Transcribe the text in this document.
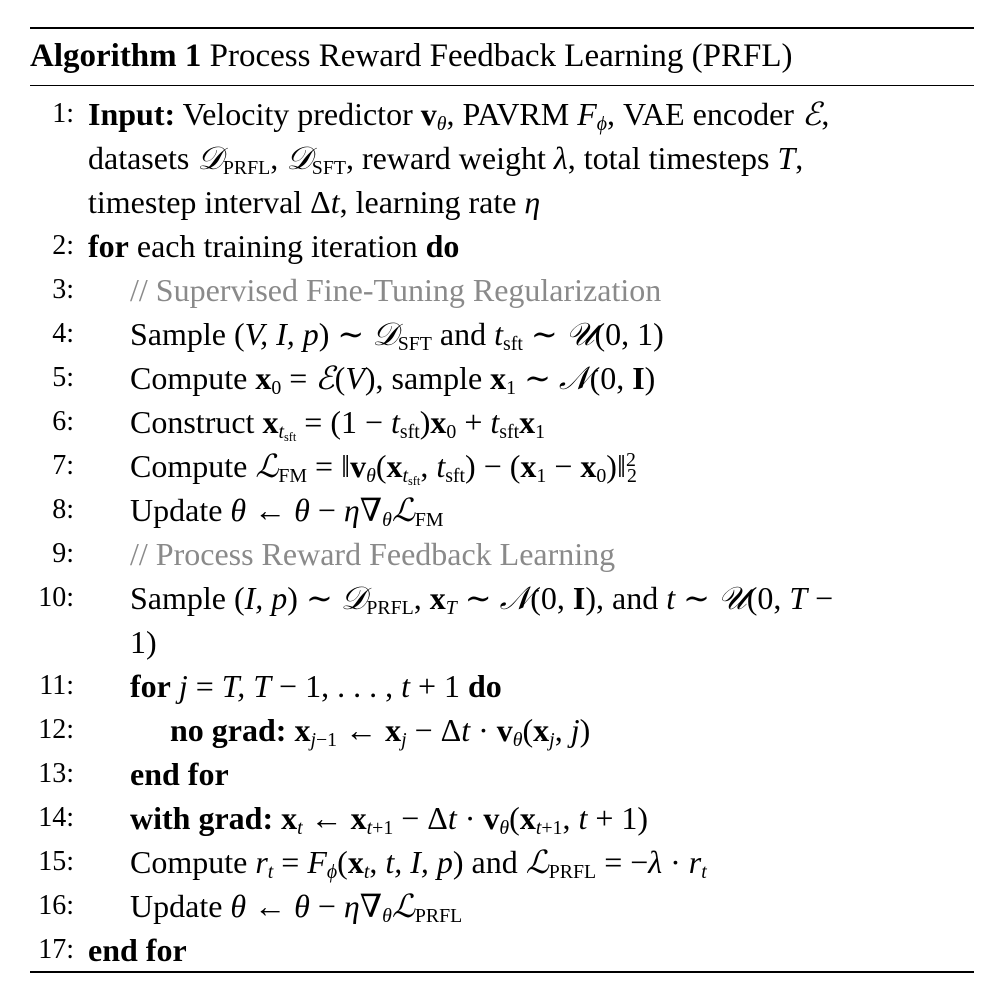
Algorithm 1 Process Reward Feedback Learning (PRFL)
1: Input: Velocity predictor $v_\theta$, PAVRM $F_\phi$, VAE encoder ℰ,
datasets 𝒟$_{PRFL}$, 𝒟$_{SFT}$, reward weight λ, total timesteps T,
timestep interval Δt, learning rate η
2: for each training iteration do
3: // Supervised Fine-Tuning Regularization
4: Sample (V, I, p) ∼ 𝒟$_{SFT}$ and $t_{sft}$ ∼ 𝒰(0, 1)
5: Compute $x_0$ = ℰ(V), sample $x_1$ ∼ 𝒩(0, I)
6: Construct $x_{t_{sft}} = (1 - t_{sft})x_0 + t_{sft}x_1$
7: Compute ℒ$_{FM}$ = $‖v_\theta(x_{t_{sft}}$, $t_{sft}) - (x_1$ − $x_0)‖^2_2$
8: Update θ ← $\theta - \eta\nabla_\theta ℒ_{FM}$
9: // Process Reward Feedback Learning
10: Sample (I, p) ∼ 𝒟$_{PRFL}$, $x_T$ ∼ 𝒩(0, I), and t ∼ 𝒰(0, T −
1)
11: for j = T, T − 1, . . . , t + 1 do
12:	no grad: $x_{j-1}$ ← $x_j - \Delta t \cdot v_\theta(x_j$, j)
13: end for
14: with grad: $x_t$ ← $x_{t+1} - \Delta t \cdot v_\theta(x_{t+1}$, t + 1)
15: Compute $r_t = F_\phi(x_t$, t, I, p) and ℒ$_{PRFL}$ = $-\lambda \cdot r_t$
16: Update θ ← $\theta - \eta\nabla_\theta ℒ_{PRFL}$
17: end for
